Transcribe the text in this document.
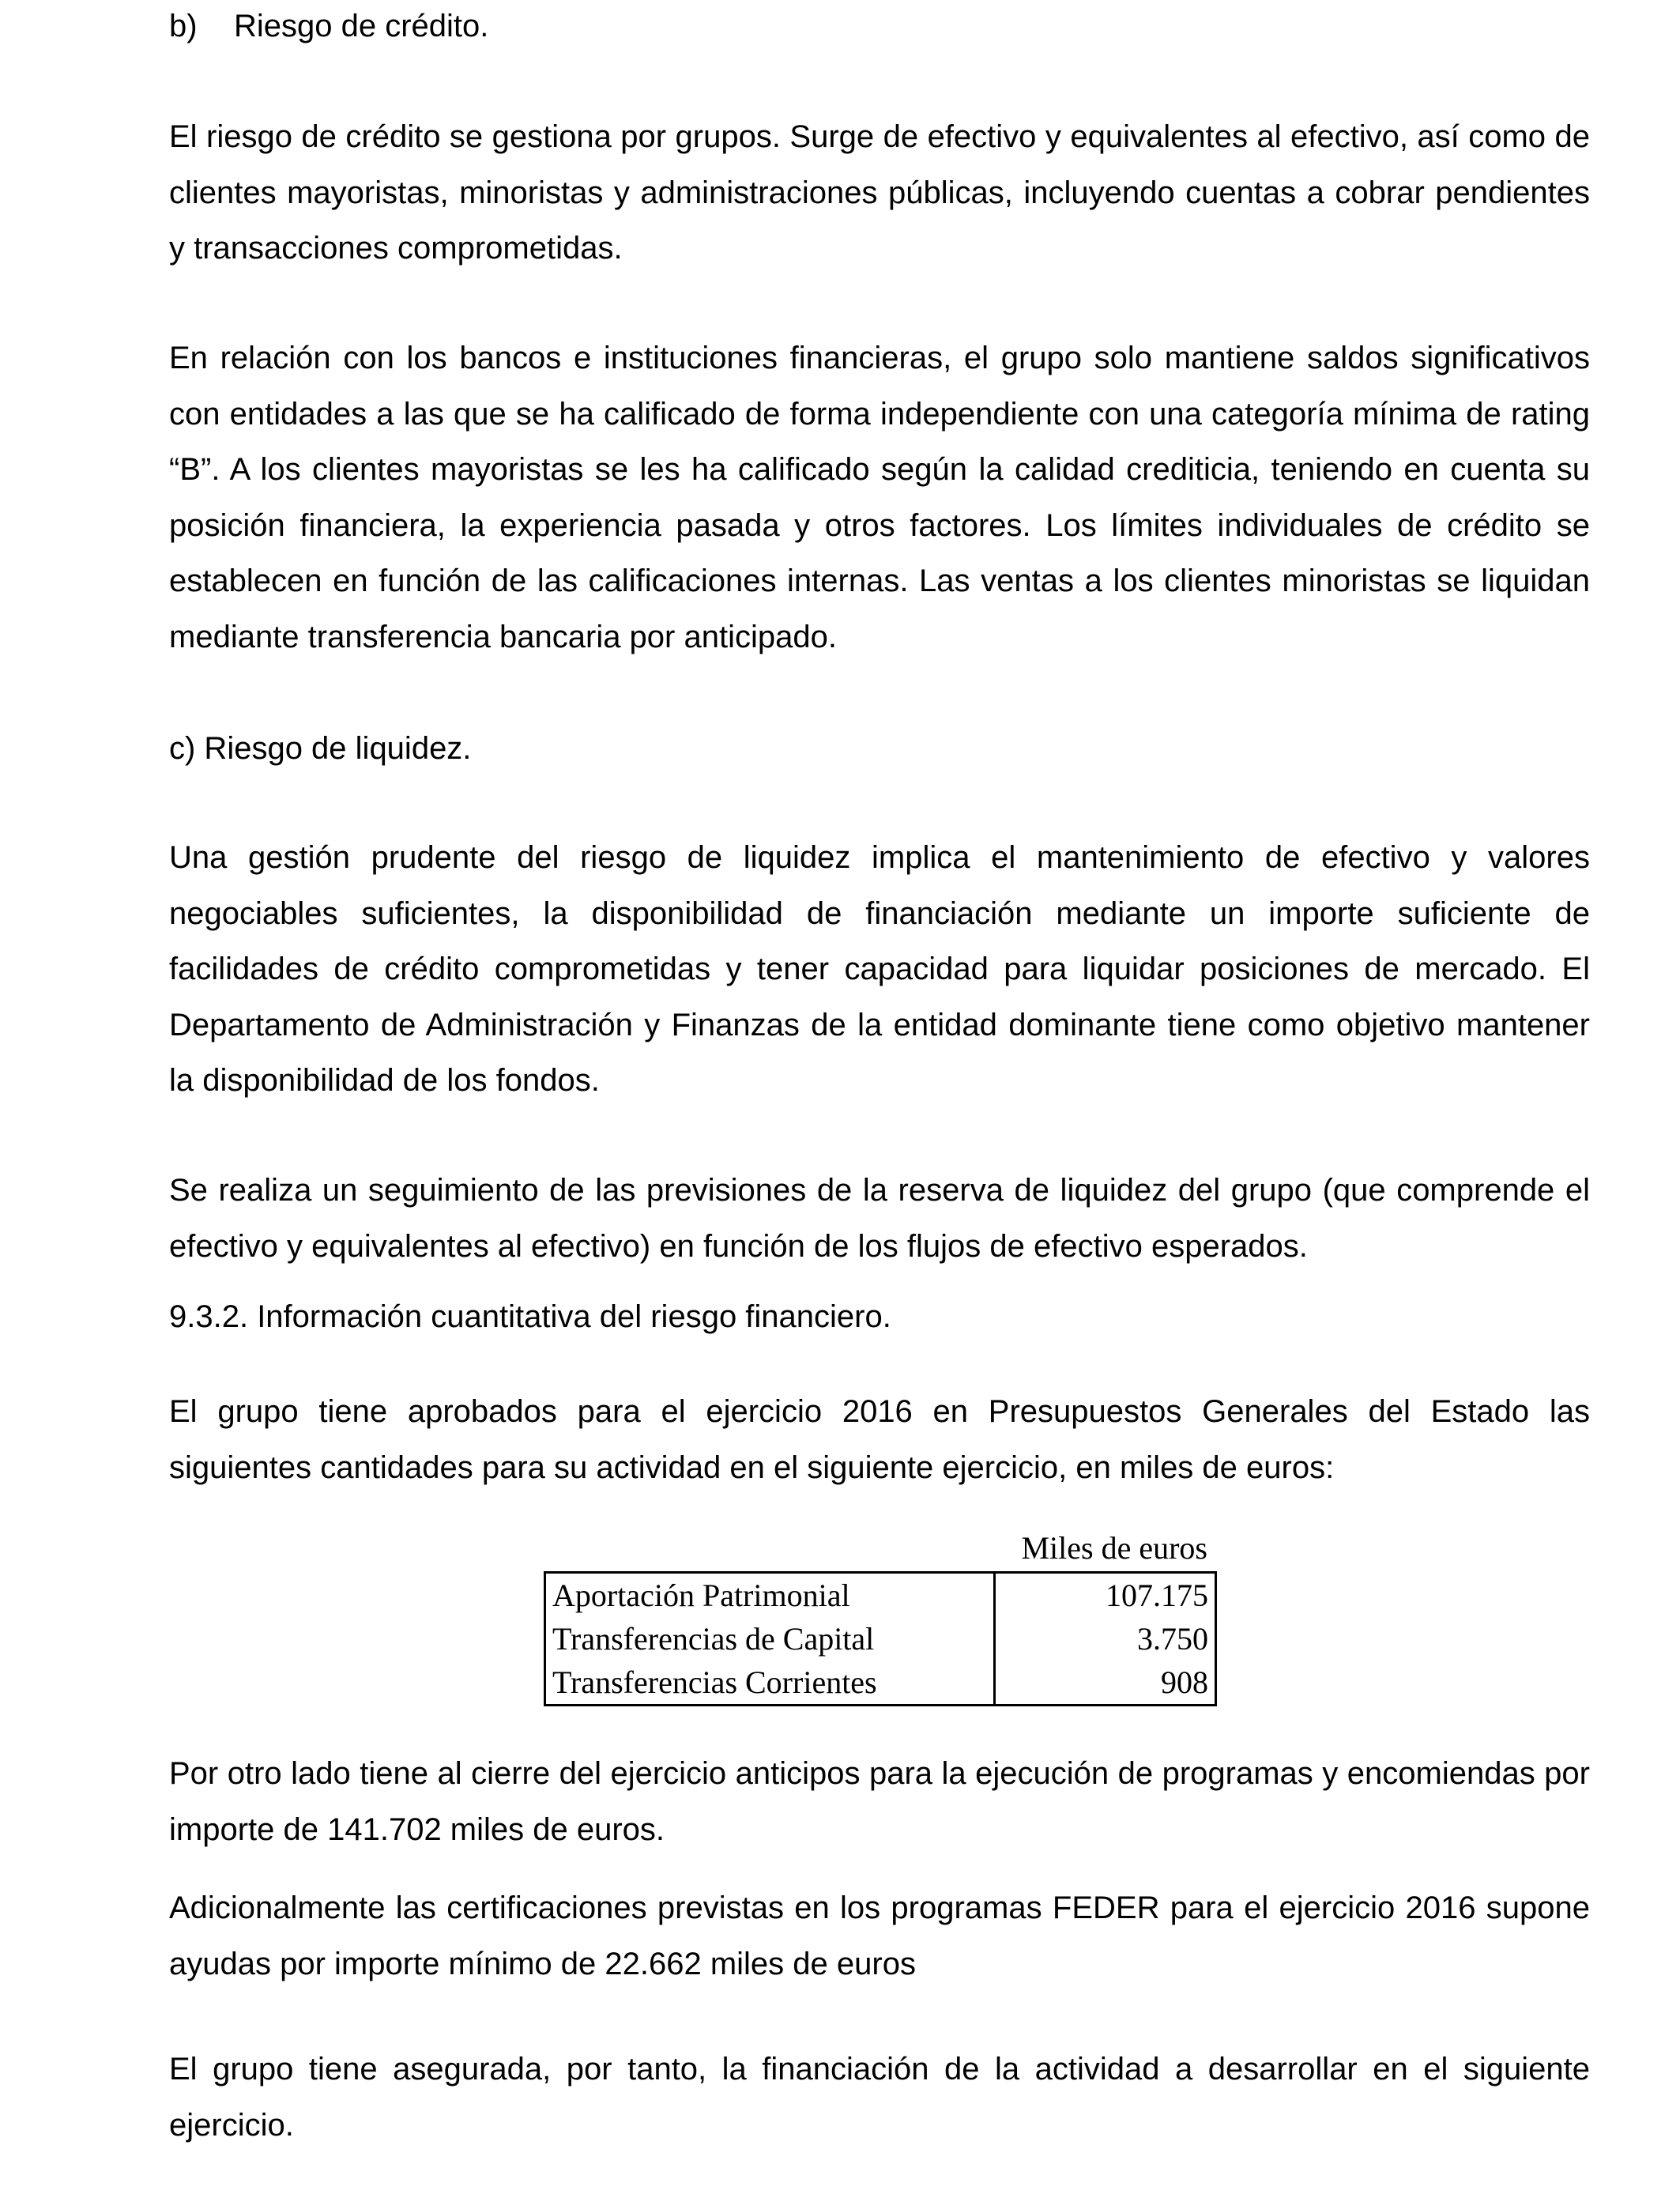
b) Riesgo de crédito.

El riesgo de crédito se gestiona por grupos. Surge de efectivo y equivalentes al efectivo, así como de clientes mayoristas, minoristas y administraciones públicas, incluyendo cuentas a cobrar pendientes y transacciones comprometidas.

En relación con los bancos e instituciones financieras, el grupo solo mantiene saldos significativos con entidades a las que se ha calificado de forma independiente con una categoría mínima de rating “B”. A los clientes mayoristas se les ha calificado según la calidad crediticia, teniendo en cuenta su posición financiera, la experiencia pasada y otros factores. Los límites individuales de crédito se establecen en función de las calificaciones internas. Las ventas a los clientes minoristas se liquidan mediante transferencia bancaria por anticipado.

c) Riesgo de liquidez.

Una gestión prudente del riesgo de liquidez implica el mantenimiento de efectivo y valores negociables suficientes, la disponibilidad de financiación mediante un importe suficiente de facilidades de crédito comprometidas y tener capacidad para liquidar posiciones de mercado. El Departamento de Administración y Finanzas de la entidad dominante tiene como objetivo mantener la disponibilidad de los fondos.

Se realiza un seguimiento de las previsiones de la reserva de liquidez del grupo (que comprende el efectivo y equivalentes al efectivo) en función de los flujos de efectivo esperados.

9.3.2. Información cuantitativa del riesgo financiero.

El grupo tiene aprobados para el ejercicio 2016 en Presupuestos Generales del Estado las siguientes cantidades para su actividad en el siguiente ejercicio, en miles de euros:

Miles de euros
Aportación Patrimonial	107.175
Transferencias de Capital	3.750
Transferencias Corrientes	908

Por otro lado tiene al cierre del ejercicio anticipos para la ejecución de programas y encomiendas por importe de 141.702 miles de euros.

Adicionalmente las certificaciones previstas en los programas FEDER para el ejercicio 2016 supone ayudas por importe mínimo de 22.662 miles de euros

El grupo tiene asegurada, por tanto, la financiación de la actividad a desarrollar en el siguiente ejercicio.
